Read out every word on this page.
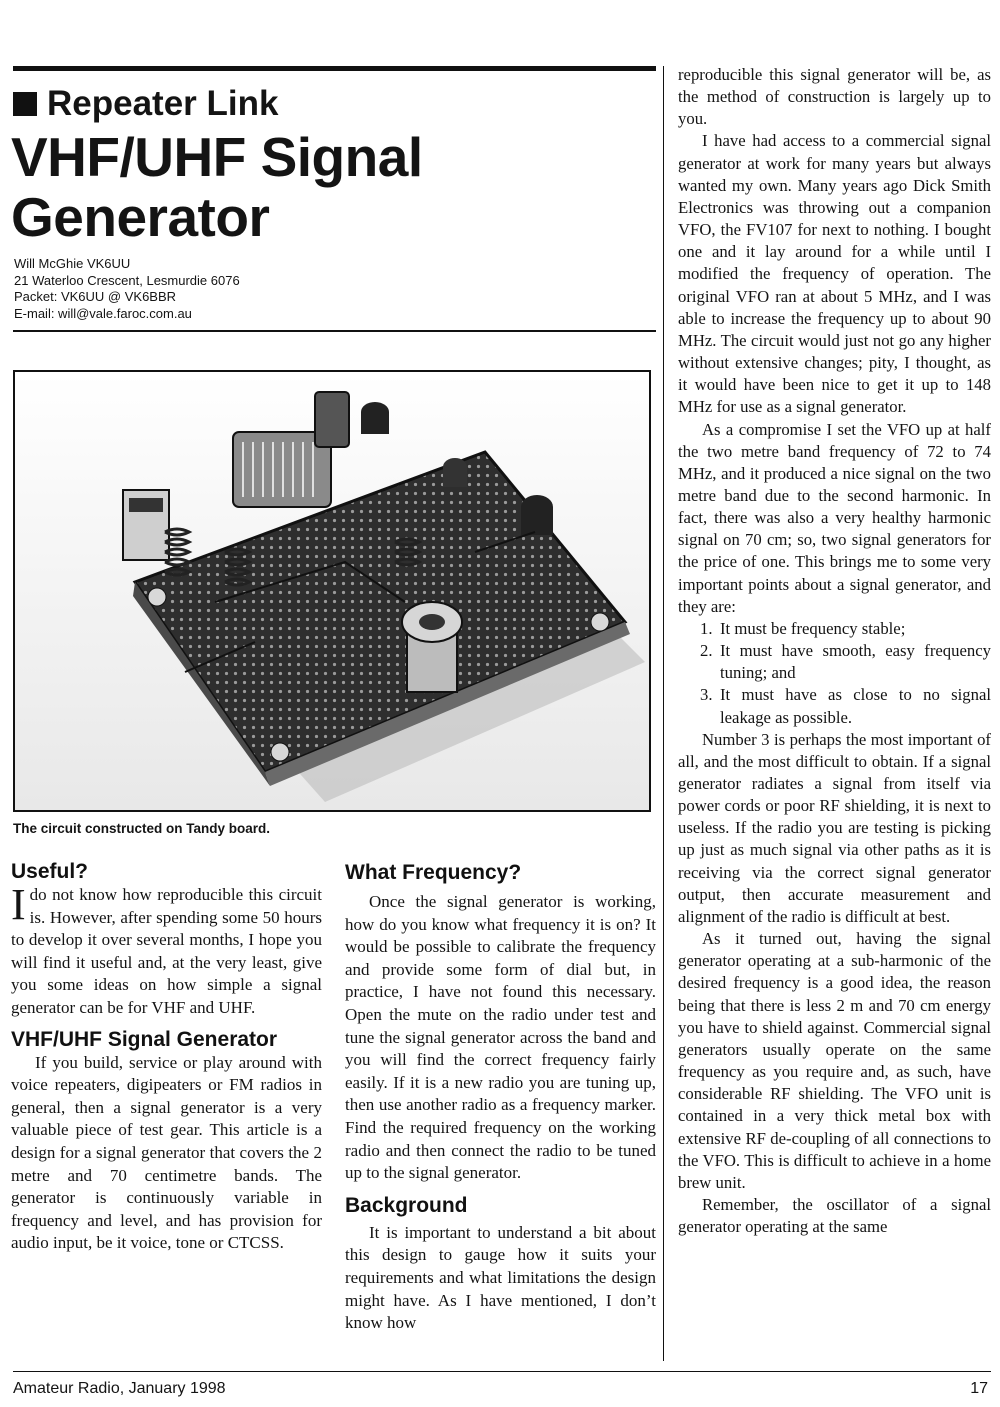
Repeater Link
VHF/UHF Signal Generator
Will McGhie VK6UU
21 Waterloo Crescent, Lesmurdie 6076
Packet: VK6UU @ VK6BBR
E-mail: will@vale.faroc.com.au
The circuit constructed on Tandy board.
Useful?

Ido not know how reproducible this circuit is. However, after spending some 50 hours to develop it over several months, I hope you will find it useful and, at the very least, give you some ideas on how simple a signal generator can be for VHF and UHF.

VHF/UHF Signal Generator

If you build, service or play around with voice repeaters, digipeaters or FM radios in general, then a signal generator is a very valuable piece of test gear. This article is a design for a signal generator that covers the 2 metre and 70 centimetre bands. The generator is continuously variable in frequency and level, and has provision for audio input, be it voice, tone or CTCSS.

What Frequency?

Once the signal generator is working, how do you know what frequency it is on? It would be possible to calibrate the frequency and provide some form of dial but, in practice, I have not found this necessary. Open the mute on the radio under test and tune the signal generator across the band and you will find the correct frequency fairly easily. If it is a new radio you are tuning up, then use another radio as a frequency marker. Find the required frequency on the working radio and then connect the radio to be tuned up to the signal generator.

Background

It is important to understand a bit about this design to gauge how it suits your requirements and what limitations the design might have. As I have mentioned, I don’t know how

reproducible this signal generator will be, as the method of construction is largely up to you.

I have had access to a commercial signal generator at work for many years but always wanted my own. Many years ago Dick Smith Electronics was throwing out a companion VFO, the FV107 for next to nothing. I bought one and it lay around for a while until I modified the frequency of operation. The original VFO ran at about 5 MHz, and I was able to increase the frequency up to about 90 MHz. The circuit would just not go any higher without extensive changes; pity, I thought, as it would have been nice to get it up to 148 MHz for use as a signal generator.

As a compromise I set the VFO up at half the two metre band frequency of 72 to 74 MHz, and it produced a nice signal on the two metre band due to the second harmonic. In fact, there was also a very healthy harmonic signal on 70 cm; so, two signal generators for the price of one. This brings me to some very important points about a signal generator, and they are:

1. It must be frequency stable;
2. It must have smooth, easy frequency tuning; and
3. It must have as close to no signal leakage as possible.

Number 3 is perhaps the most important of all, and the most difficult to obtain. If a signal generator radiates a signal from itself via power cords or poor RF shielding, it is next to useless. If the radio you are testing is picking up just as much signal via other paths as it is receiving via the correct signal generator output, then accurate measurement and alignment of the radio is difficult at best.

As it turned out, having the signal generator operating at a sub-harmonic of the desired frequency is a good idea, the reason being that there is less 2 m and 70 cm energy you have to shield against. Commercial signal generators usually operate on the same frequency as you require and, as such, have considerable RF shielding. The VFO unit is contained in a very thick metal box with extensive RF de-coupling of all connections to the VFO. This is difficult to achieve in a home brew unit.

Remember, the oscillator of a signal generator operating at the same

Amateur Radio, January 1998	17
